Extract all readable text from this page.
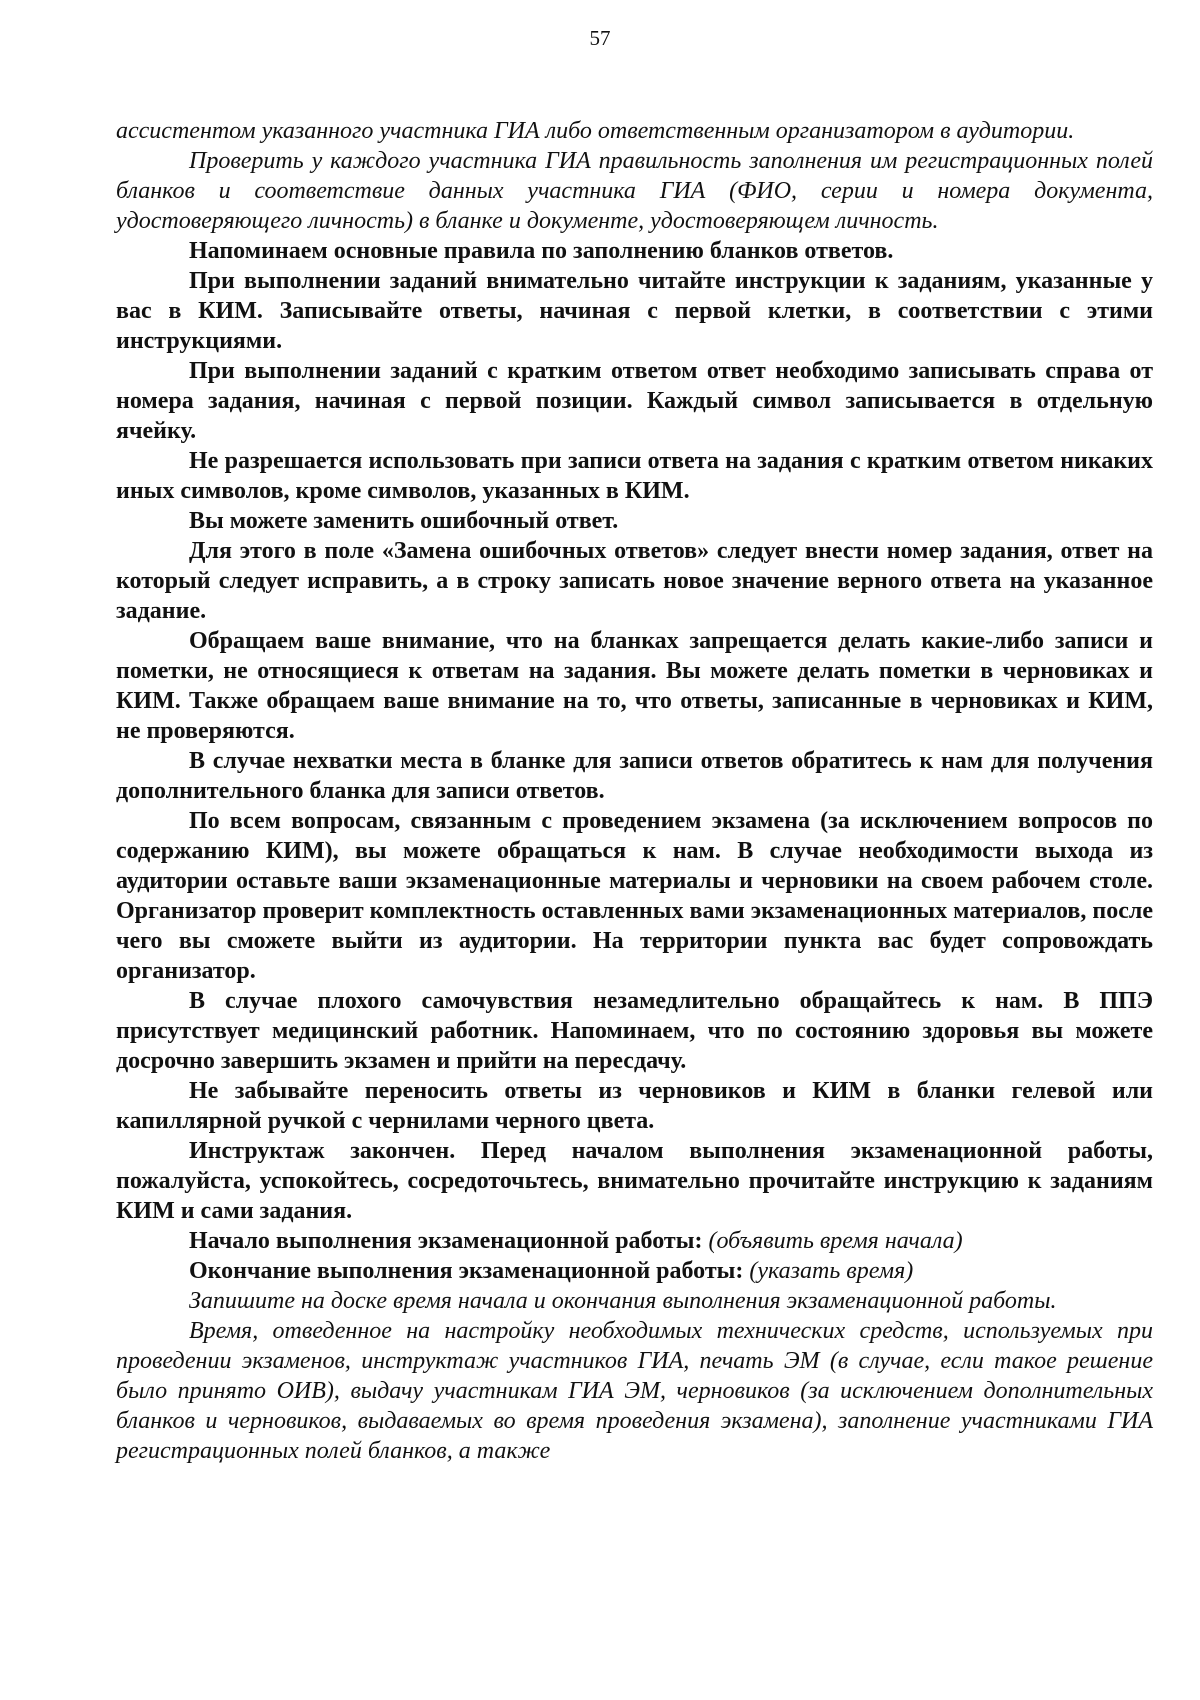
57

ассистентом указанного участника ГИА либо ответственным организатором в аудитории.

Проверить у каждого участника ГИА правильность заполнения им регистрационных полей бланков и соответствие данных участника ГИА (ФИО, серии и номера документа, удостоверяющего личность) в бланке и документе, удостоверяющем личность.

Напоминаем основные правила по заполнению бланков ответов.

При выполнении заданий внимательно читайте инструкции к заданиям, указанные у вас в КИМ. Записывайте ответы, начиная с первой клетки, в соответствии с этими инструкциями.

При выполнении заданий с кратким ответом ответ необходимо записывать справа от номера задания, начиная с первой позиции. Каждый символ записывается в отдельную ячейку.

Не разрешается использовать при записи ответа на задания с кратким ответом никаких иных символов, кроме символов, указанных в КИМ.

Вы можете заменить ошибочный ответ.

Для этого в поле «Замена ошибочных ответов» следует внести номер задания, ответ на который следует исправить, а в строку записать новое значение верного ответа на указанное задание.

Обращаем ваше внимание, что на бланках запрещается делать какие-либо записи и пометки, не относящиеся к ответам на задания. Вы можете делать пометки в черновиках и КИМ. Также обращаем ваше внимание на то, что ответы, записанные в черновиках и КИМ, не проверяются.

В случае нехватки места в бланке для записи ответов обратитесь к нам для получения дополнительного бланка для записи ответов.

По всем вопросам, связанным с проведением экзамена (за исключением вопросов по содержанию КИМ), вы можете обращаться к нам. В случае необходимости выхода из аудитории оставьте ваши экзаменационные материалы и черновики на своем рабочем столе. Организатор проверит комплектность оставленных вами экзаменационных материалов, после чего вы сможете выйти из аудитории. На территории пункта вас будет сопровождать организатор.

В случае плохого самочувствия незамедлительно обращайтесь к нам. В ППЭ присутствует медицинский работник. Напоминаем, что по состоянию здоровья вы можете досрочно завершить экзамен и прийти на пересдачу.

Не забывайте переносить ответы из черновиков и КИМ в бланки гелевой или капиллярной ручкой с чернилами черного цвета.

Инструктаж закончен. Перед началом выполнения экзаменационной работы, пожалуйста, успокойтесь, сосредоточьтесь, внимательно прочитайте инструкцию к заданиям КИМ и сами задания.

Начало выполнения экзаменационной работы: (объявить время начала)

Окончание выполнения экзаменационной работы: (указать время)

Запишите на доске время начала и окончания выполнения экзаменационной работы.

Время, отведенное на настройку необходимых технических средств, используемых при проведении экзаменов, инструктаж участников ГИА, печать ЭМ (в случае, если такое решение было принято ОИВ), выдачу участникам ГИА ЭМ, черновиков (за исключением дополнительных бланков и черновиков, выдаваемых во время проведения экзамена), заполнение участниками ГИА регистрационных полей бланков, а также
